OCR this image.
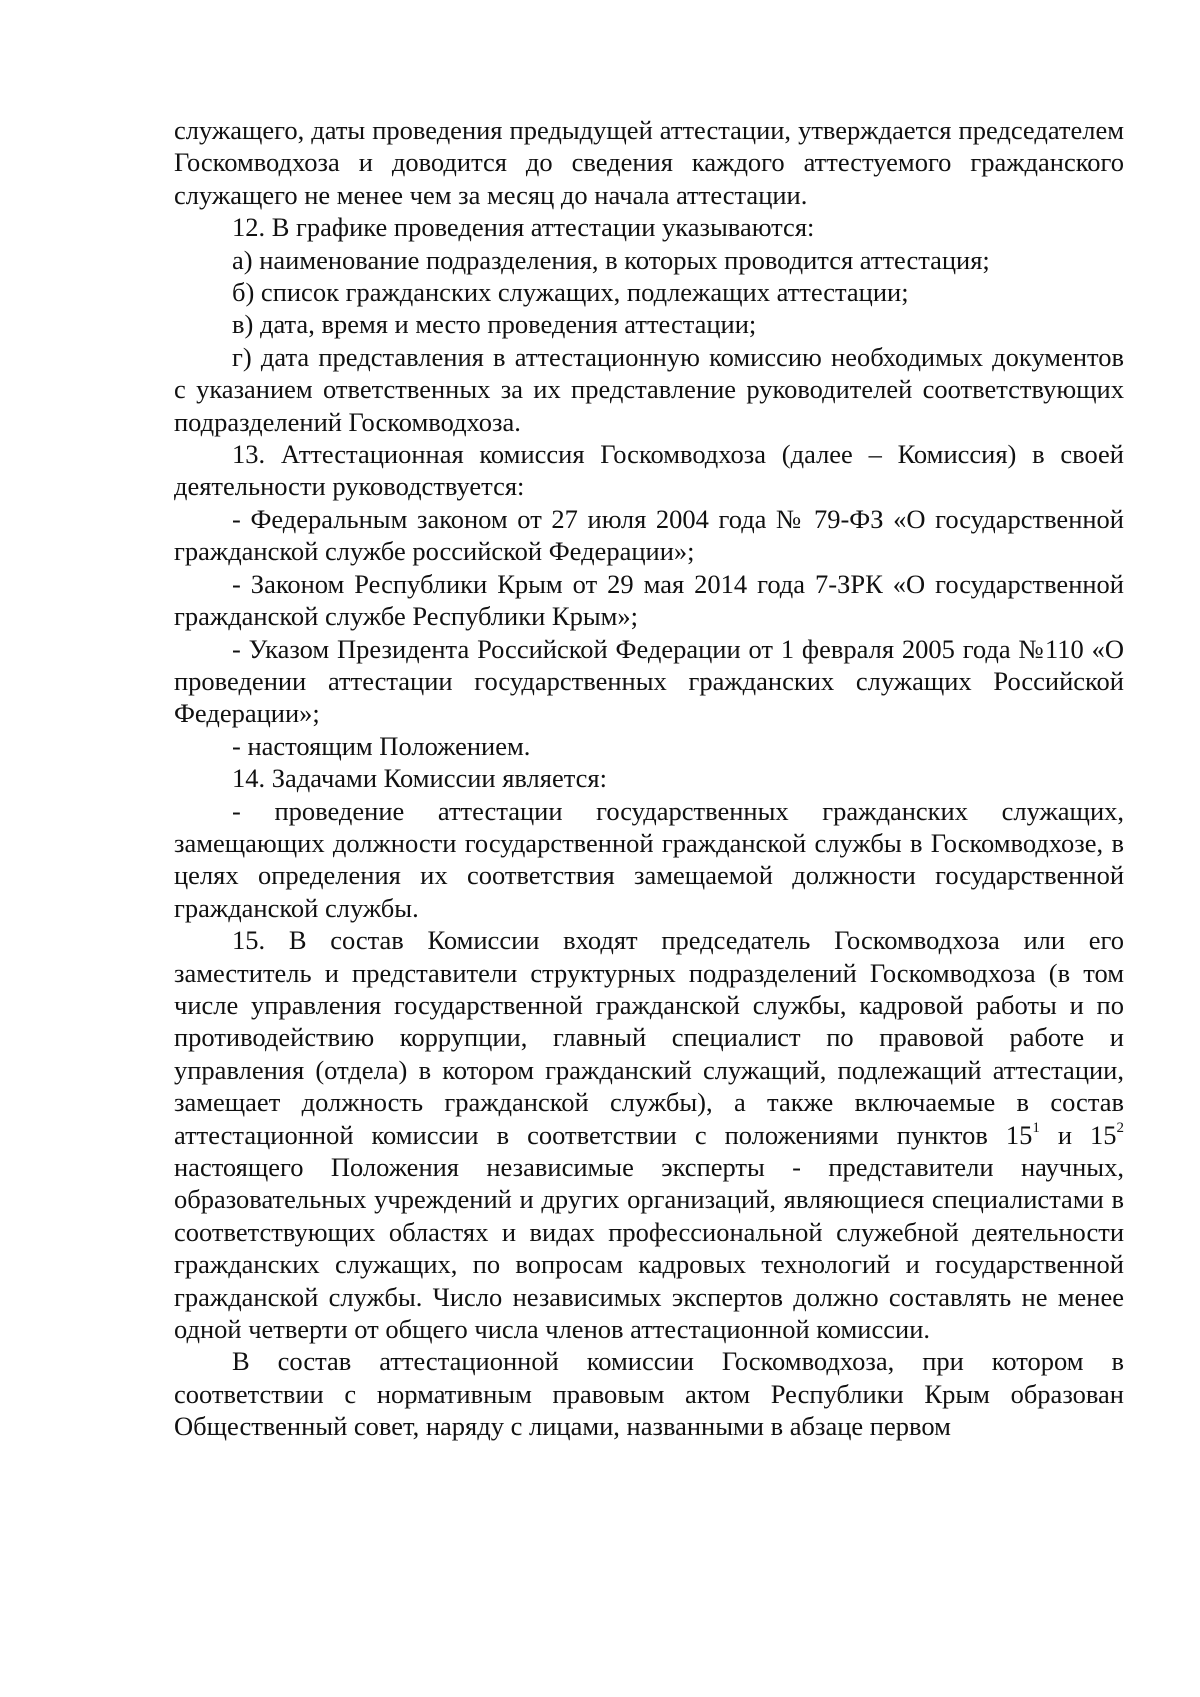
служащего, даты проведения предыдущей аттестации, утверждается председателем Госкомводхоза и доводится до сведения каждого аттестуемого гражданского служащего не менее чем за месяц до начала аттестации.

12. В графике проведения аттестации указываются:

а) наименование подразделения, в которых проводится аттестация;

б) список гражданских служащих, подлежащих аттестации;

в) дата, время и место проведения аттестации;

г) дата представления в аттестационную комиссию необходимых документов с указанием ответственных за их представление руководителей соответствующих подразделений Госкомводхоза.

13. Аттестационная комиссия Госкомводхоза (далее – Комиссия) в своей деятельности руководствуется:

- Федеральным законом от 27 июля 2004 года № 79-ФЗ «О государственной гражданской службе российской Федерации»;

- Законом Республики Крым от 29 мая 2014 года 7-ЗРК «О государственной гражданской службе Республики Крым»;

- Указом Президента Российской Федерации от 1 февраля 2005 года №110 «О проведении аттестации государственных гражданских служащих Российской Федерации»;

- настоящим Положением.

14. Задачами Комиссии является:

- проведение аттестации государственных гражданских служащих, замещающих должности государственной гражданской службы в Госкомводхозе, в целях определения их соответствия замещаемой должности государственной гражданской службы.

15. В состав Комиссии входят председатель Госкомводхоза или его заместитель и представители структурных подразделений Госкомводхоза (в том числе управления государственной гражданской службы, кадровой работы и по противодействию коррупции, главный специалист по правовой работе и управления (отдела) в котором гражданский служащий, подлежащий аттестации, замещает должность гражданской службы), а также включаемые в состав аттестационной комиссии в соответствии с положениями пунктов $15^1$ и $15^2$ настоящего Положения независимые эксперты - представители научных, образовательных учреждений и других организаций, являющиеся специалистами в соответствующих областях и видах профессиональной служебной деятельности гражданских служащих, по вопросам кадровых технологий и государственной гражданской службы. Число независимых экспертов должно составлять не менее одной четверти от общего числа членов аттестационной комиссии.

В состав аттестационной комиссии Госкомводхоза, при котором в соответствии с нормативным правовым актом Республики Крым образован Общественный совет, наряду с лицами, названными в абзаце первом
